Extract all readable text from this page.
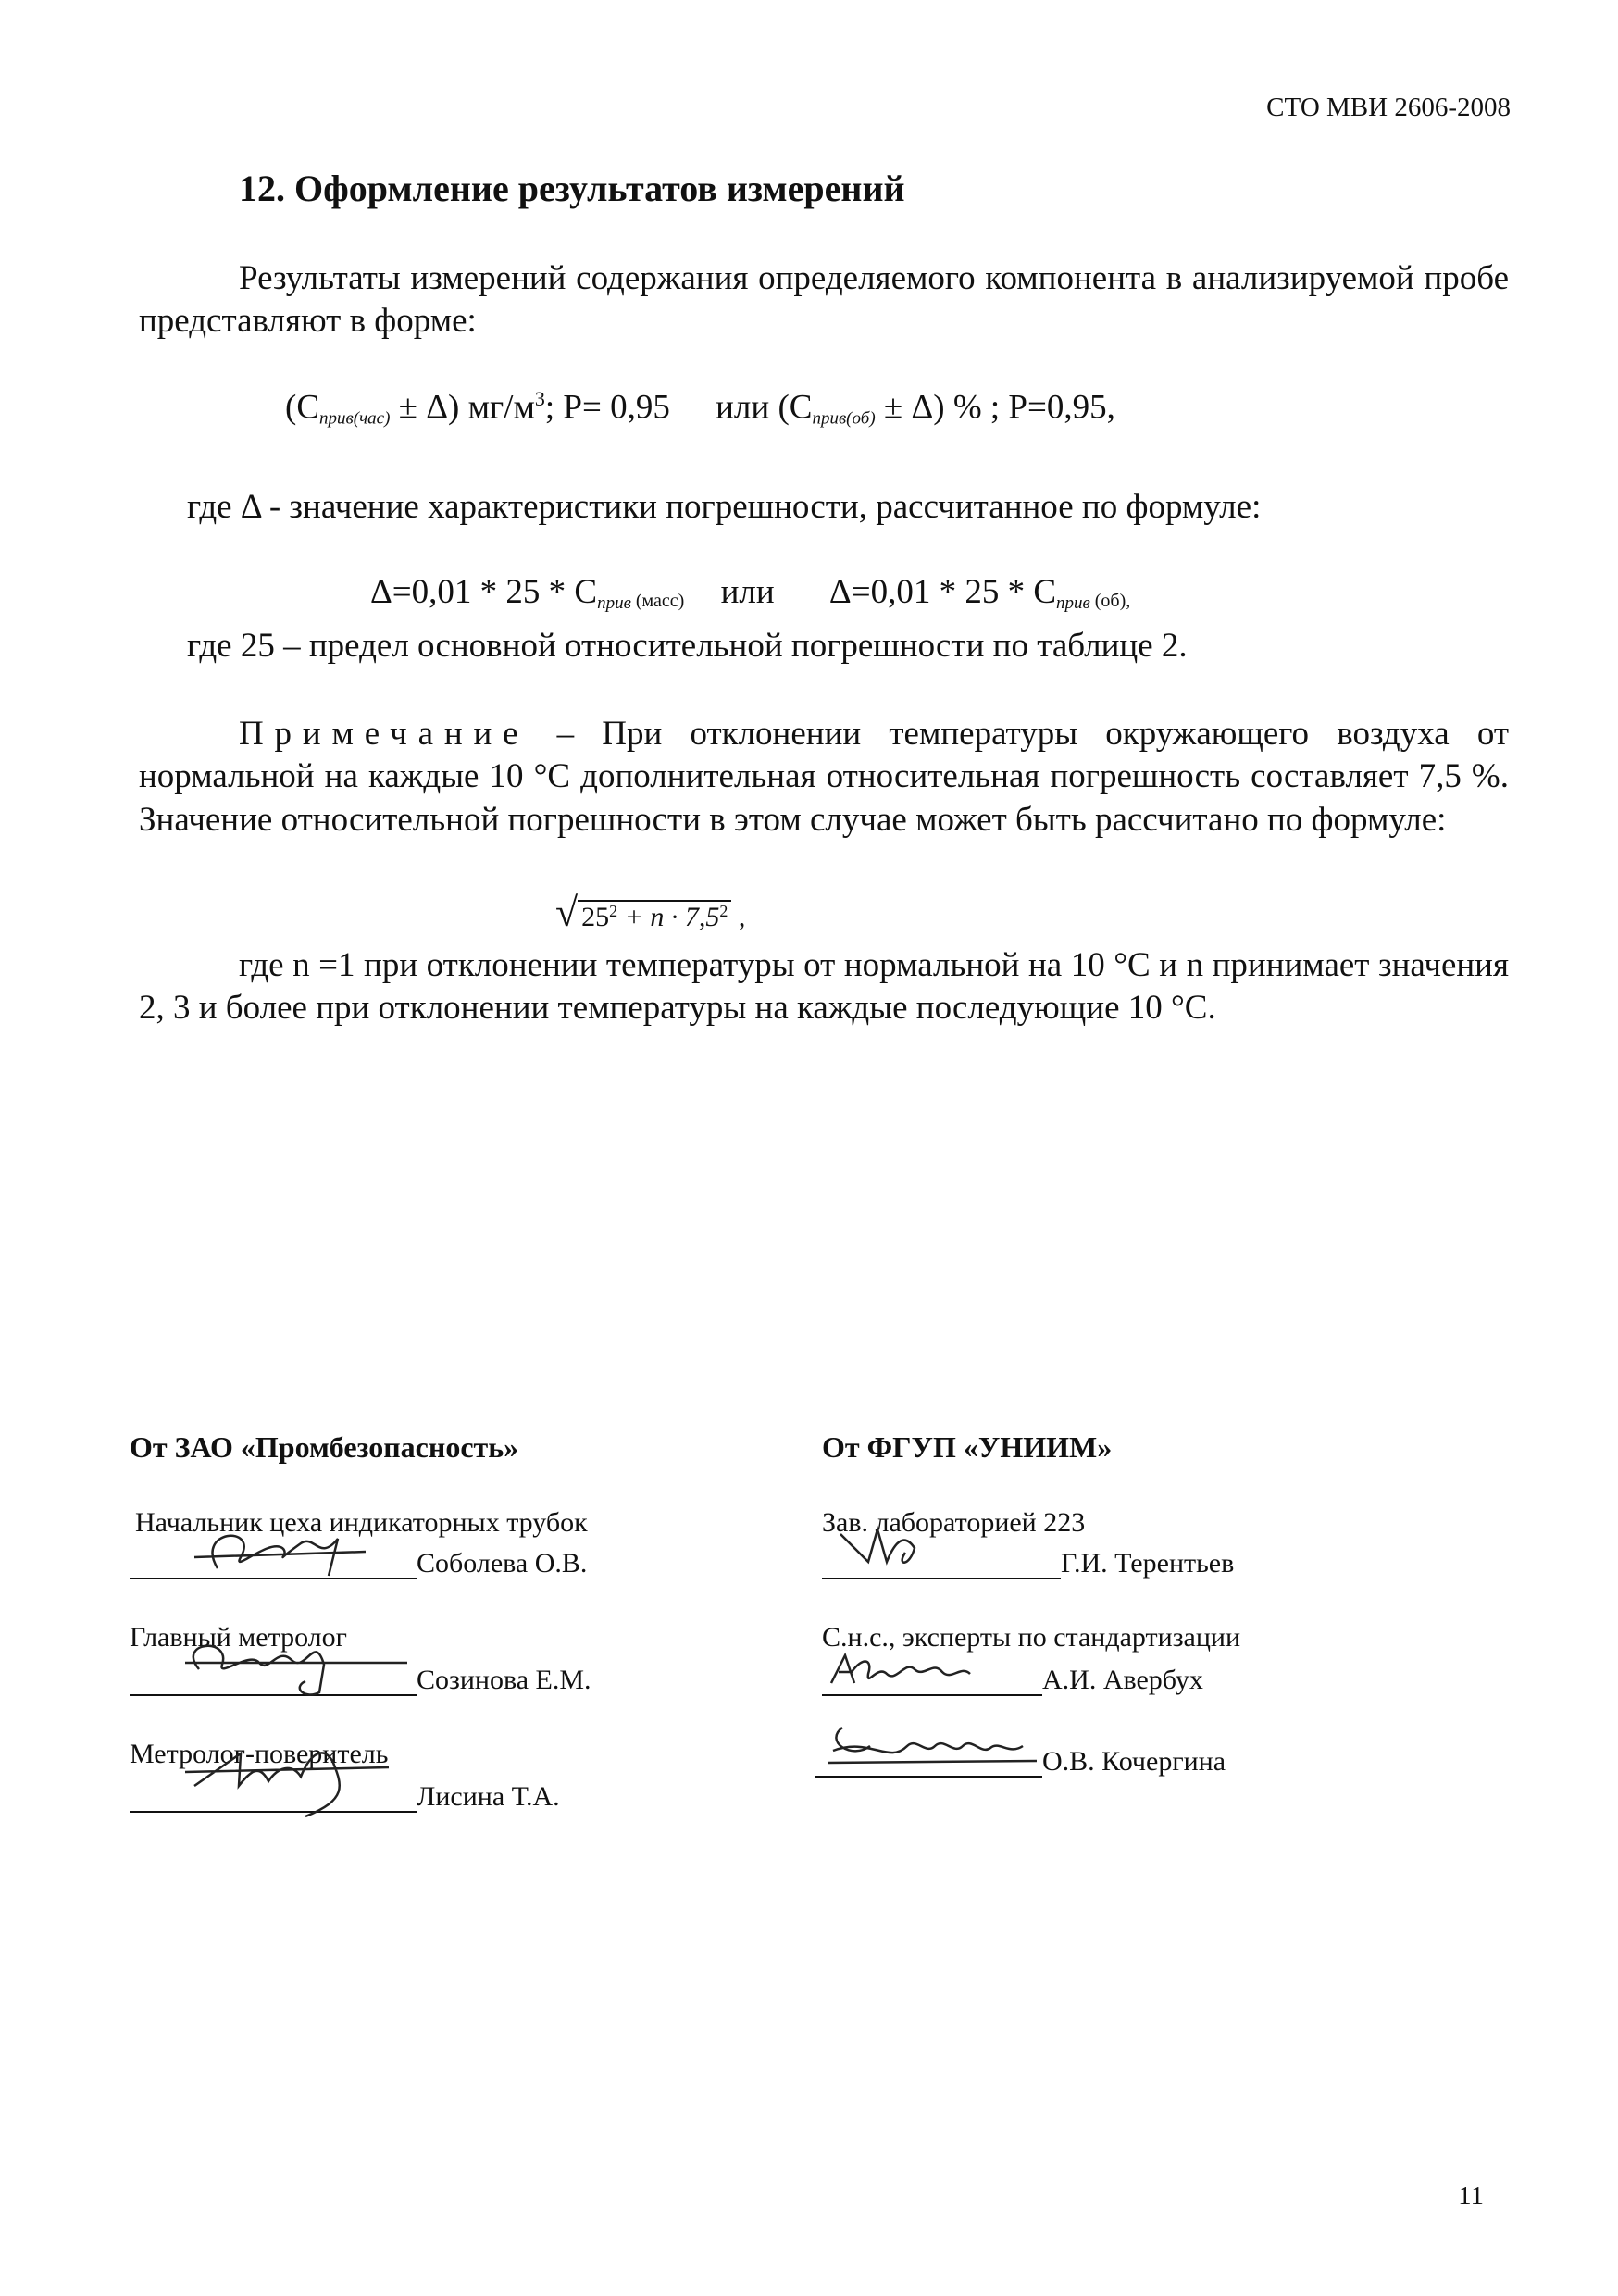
СТО МВИ 2606-2008
12. Оформление результатов измерений

Результаты измерений содержания определяемого компонента в анализируемой пробе представляют в форме:

$(C_{прив(час)} \pm \Delta)$ $мг/м^3$; P= 0,95 или $(C_{прив(об)} \pm \Delta)$ % ; P=0,95,
где Δ - значение характеристики погрешности, рассчитанное по формуле:
$\Delta=0,01 * 25 * C_{прив}$ (масс) или $\Delta=0,01 * 25 * C_{прив}$ (об),
где 25 – предел основной относительной погрешности по таблице 2.

Примечание – При отклонении температуры окружающего воздуха от нормальной на каждые 10 °С дополнительная относительная погрешность составляет 7,5 %. Значение относительной погрешности в этом случае может быть рассчитано по формуле:

√ $25^2 + n \cdot 7,5^2$ ,

где n =1 при отклонении температуры от нормальной на 10 °С и n принимает значения 2, 3 и более при отклонении температуры на каждые последующие 10 °С.

От ЗАО «Промбезопасность»
Начальник цеха индикаторных трубок
Соболева О.В.
Главный метролог
Созинова Е.М.
Метролог-поверитель
Лисина Т.А.
От ФГУП «УНИИМ»
Зав. лабораторией 223
Г.И. Терентьев
С.н.с., эксперты по стандартизации
А.И. Авербух
О.В. Кочергина
11
